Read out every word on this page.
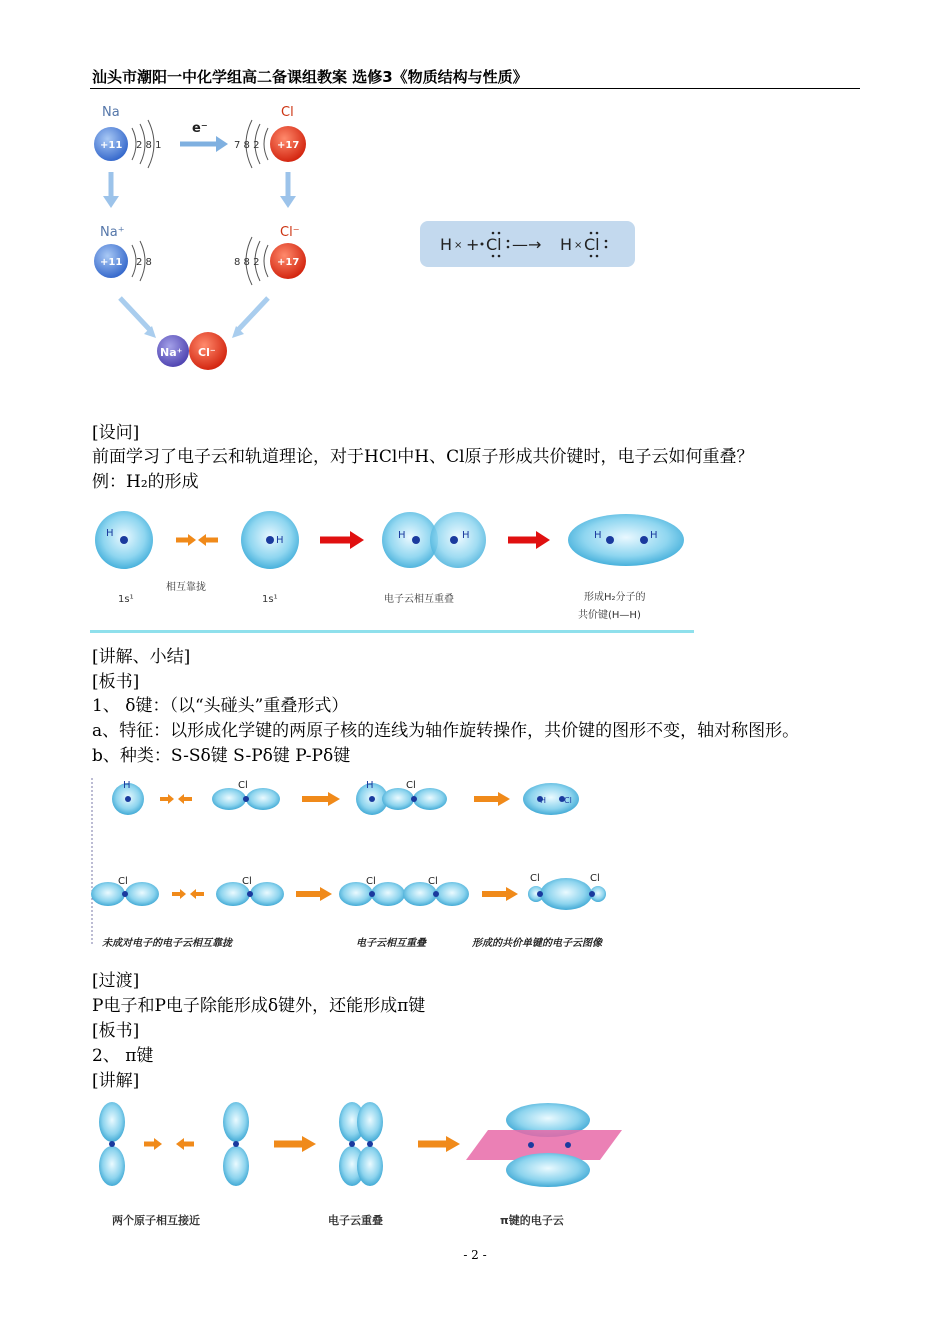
汕头市潮阳一中化学组高二备课组教案 选修3《物质结构与性质》
Na
+11 2 8 1
e⁻
Cl
7 8 2 +17
Na⁺
+11 2 8
Cl⁻
8 8 2 +17
Na⁺ Cl⁻
H × + Cl —→ H × Cl
[设问]
前面学习了电子云和轨道理论，对于HCl中H、Cl原子形成共价键时，电子云如何重叠？
例：H₂的形成
H
H	H	H	H	H
1s¹
相互靠拢
1s¹	电子云相互重叠	形成H₂分子的
共价键(H—H)
[讲解、小结]
[板书]
1、 δ键：（以“头碰头”重叠形式）
a、特征：以形成化学键的两原子核的连线为轴作旋转操作，共价键的图形不变，轴对称图形。
b、种类：S-Sδ键 S-Pδ键 P-Pδ键
H	Cl	H	Cl
H Cl
Cl	Cl	Cl	Cl	Cl	Cl
未成对电子的电子云相互靠拢	电子云相互重叠	形成的共价单键的电子云图像
[过渡]
P电子和P电子除能形成δ键外，还能形成π键
[板书]
2、 π键
[讲解]
两个原子相互接近	电子云重叠	π键的电子云
- 2 -
